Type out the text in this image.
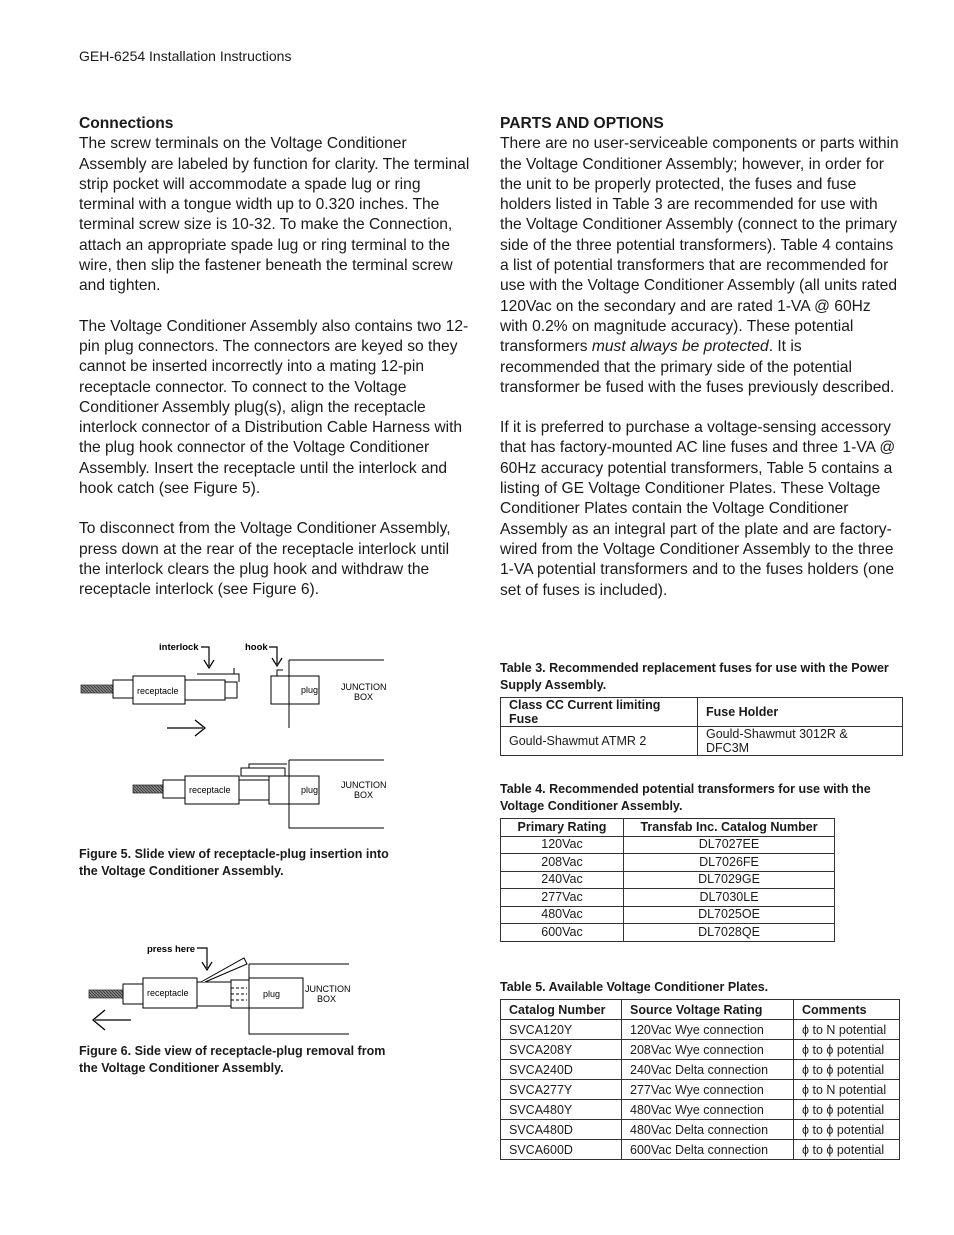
GEH-6254 Installation Instructions
Connections

The screw terminals on the Voltage Conditioner Assembly are labeled by function for clarity. The terminal strip pocket will accommodate a spade lug or ring terminal with a tongue width up to 0.320 inches. The terminal screw size is 10-32. To make the Connection, attach an appropriate spade lug or ring terminal to the wire, then slip the fastener beneath the terminal screw and tighten.

The Voltage Conditioner Assembly also contains two 12-pin plug connectors. The connectors are keyed so they cannot be inserted incorrectly into a mating 12-pin receptacle connector. To connect to the Voltage Conditioner Assembly plug(s), align the receptacle interlock connector of a Distribution Cable Harness with the plug hook connector of the Voltage Conditioner Assembly. Insert the receptacle until the interlock and hook catch (see Figure 5).

To disconnect from the Voltage Conditioner Assembly, press down at the rear of the receptacle interlock until the interlock clears the plug hook and withdraw the receptacle interlock (see Figure 6).

interlock	hook
receptacle	plug	JUNCTION
BOX
receptacle	plug	JUNCTION
BOX
Figure 5. Slide view of receptacle-plug insertion into
the Voltage Conditioner Assembly.
press here
receptacle	plug	JUNCTION
BOX
Figure 6. Side view of receptacle-plug removal from
the Voltage Conditioner Assembly.
PARTS AND OPTIONS

There are no user-serviceable components or parts within the Voltage Conditioner Assembly; however, in order for the unit to be properly protected, the fuses and fuse holders listed in Table 3 are recommended for use with the Voltage Conditioner Assembly (connect to the primary side of the three potential transformers). Table 4 contains a list of potential transformers that are recommended for use with the Voltage Conditioner Assembly (all units rated 120Vac on the secondary and are rated 1-VA @ 60Hz with 0.2% on magnitude accuracy). These potential transformers must always be protected. It is recommended that the primary side of the potential transformer be fused with the fuses previously described.

If it is preferred to purchase a voltage-sensing accessory that has factory-mounted AC line fuses and three 1-VA @ 60Hz accuracy potential transformers, Table 5 contains a listing of GE Voltage Conditioner Plates. These Voltage Conditioner Plates contain the Voltage Conditioner Assembly as an integral part of the plate and are factory-wired from the Voltage Conditioner Assembly to the three 1-VA potential transformers and to the fuses holders (one set of fuses is included).

Table 3. Recommended replacement fuses for use with the Power Supply Assembly.
Class CC Current limiting Fuse	Fuse Holder
Gould-Shawmut ATMR 2	Gould-Shawmut 3012R & DFC3M
Table 4. Recommended potential transformers for use with the Voltage Conditioner Assembly.
Primary Rating	Transfab Inc. Catalog Number
120Vac	DL7027EE
208Vac	DL7026FE
240Vac	DL7029GE
277Vac	DL7030LE
480Vac	DL7025OE
600Vac	DL7028QE
Table 5. Available Voltage Conditioner Plates.
Catalog Number	Source Voltage Rating	Comments
SVCA120Y	120Vac Wye connection	ϕ to N potential
SVCA208Y	208Vac Wye connection	ϕ to ϕ potential
SVCA240D	240Vac Delta connection	ϕ to ϕ potential
SVCA277Y	277Vac Wye connection	ϕ to N potential
SVCA480Y	480Vac Wye connection	ϕ to ϕ potential
SVCA480D	480Vac Delta connection	ϕ to ϕ potential
SVCA600D	600Vac Delta connection	ϕ to ϕ potential
